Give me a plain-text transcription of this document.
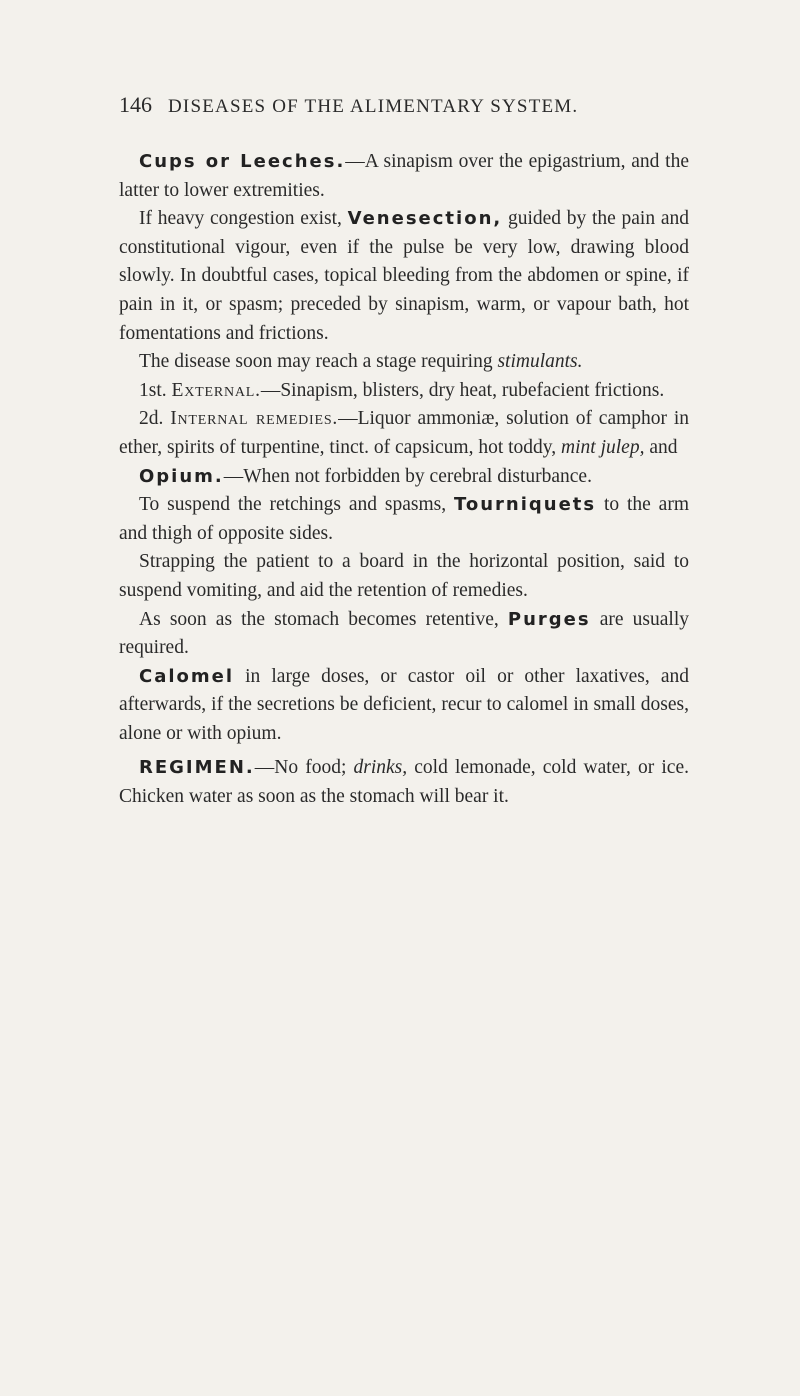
146 DISEASES OF THE ALIMENTARY SYSTEM.

Cups or Leeches.—A sinapism over the epigastrium, and the latter to lower extremities.

If heavy congestion exist, Venesection, guided by the pain and constitutional vigour, even if the pulse be very low, drawing blood slowly. In doubtful cases, topical bleeding from the abdomen or spine, if pain in it, or spasm; preceded by sinapism, warm, or vapour bath, hot fomentations and frictions.

The disease soon may reach a stage requiring stimulants.

1st. External.—Sinapism, blisters, dry heat, rubefacient frictions.

2d. Internal remedies.—Liquor ammoniæ, solution of camphor in ether, spirits of turpentine, tinct. of capsicum, hot toddy, mint julep, and

Opium.—When not forbidden by cerebral disturbance.

To suspend the retchings and spasms, Tourniquets to the arm and thigh of opposite sides.

Strapping the patient to a board in the horizontal position, said to suspend vomiting, and aid the retention of remedies.

As soon as the stomach becomes retentive, Purges are usually required.

Calomel in large doses, or castor oil or other laxatives, and afterwards, if the secretions be deficient, recur to calomel in small doses, alone or with opium.

REGIMEN.—No food; drinks, cold lemonade, cold water, or ice. Chicken water as soon as the stomach will bear it.
